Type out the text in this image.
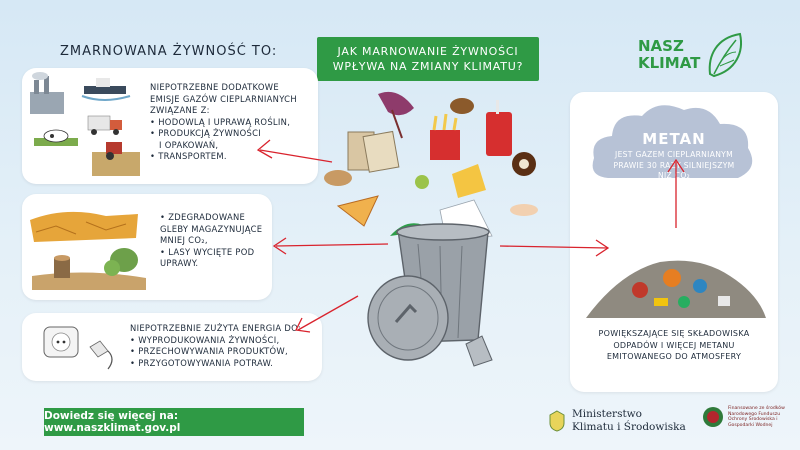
ZMARNOWANA ŻYWNOŚĆ TO:	JAK MARNOWANIE ŻYWNOŚCI
WPŁYWA NA ZMIANY KLIMATU?
NASZ
KLIMAT
NIEPOTRZEBNE DODATKOWE
EMISJE GAZÓW CIEPLARNIANYCH
ZWIĄZANE Z:
• HODOWLĄ I UPRAWĄ ROŚLIN,
• PRODUKCJĄ ŻYWNOŚCI
I OPAKOWAŃ,
• TRANSPORTEM.
• ZDEGRADOWANE GLEBY MAGAZYNUJĄCE MNIEJ CO₂,
• LASY WYCIĘTE POD UPRAWY.
NIEPOTRZEBNIE ZUŻYTA ENERGIA DO:
• WYPRODUKOWANIA ŻYWNOŚCI,
• PRZECHOWYWANIA PRODUKTÓW,
• PRZYGOTOWYWANIA POTRAW.
METAN
JEST GAZEM CIEPLARNIANYM PRAWIE 30 RAZY SILNIEJSZYM NIŻ CO₂
POWIĘKSZAJĄCE SIĘ SKŁADOWISKA ODPADÓW I WIĘCEJ METANU EMITOWANEGO DO ATMOSFERY
Dowiedz się więcej na: www.naszklimat.gov.pl
Ministerstwo
Klimatu i Środowiska
Finansowane ze środków Narodowego Funduszu Ochrony Środowiska i Gospodarki Wodnej
